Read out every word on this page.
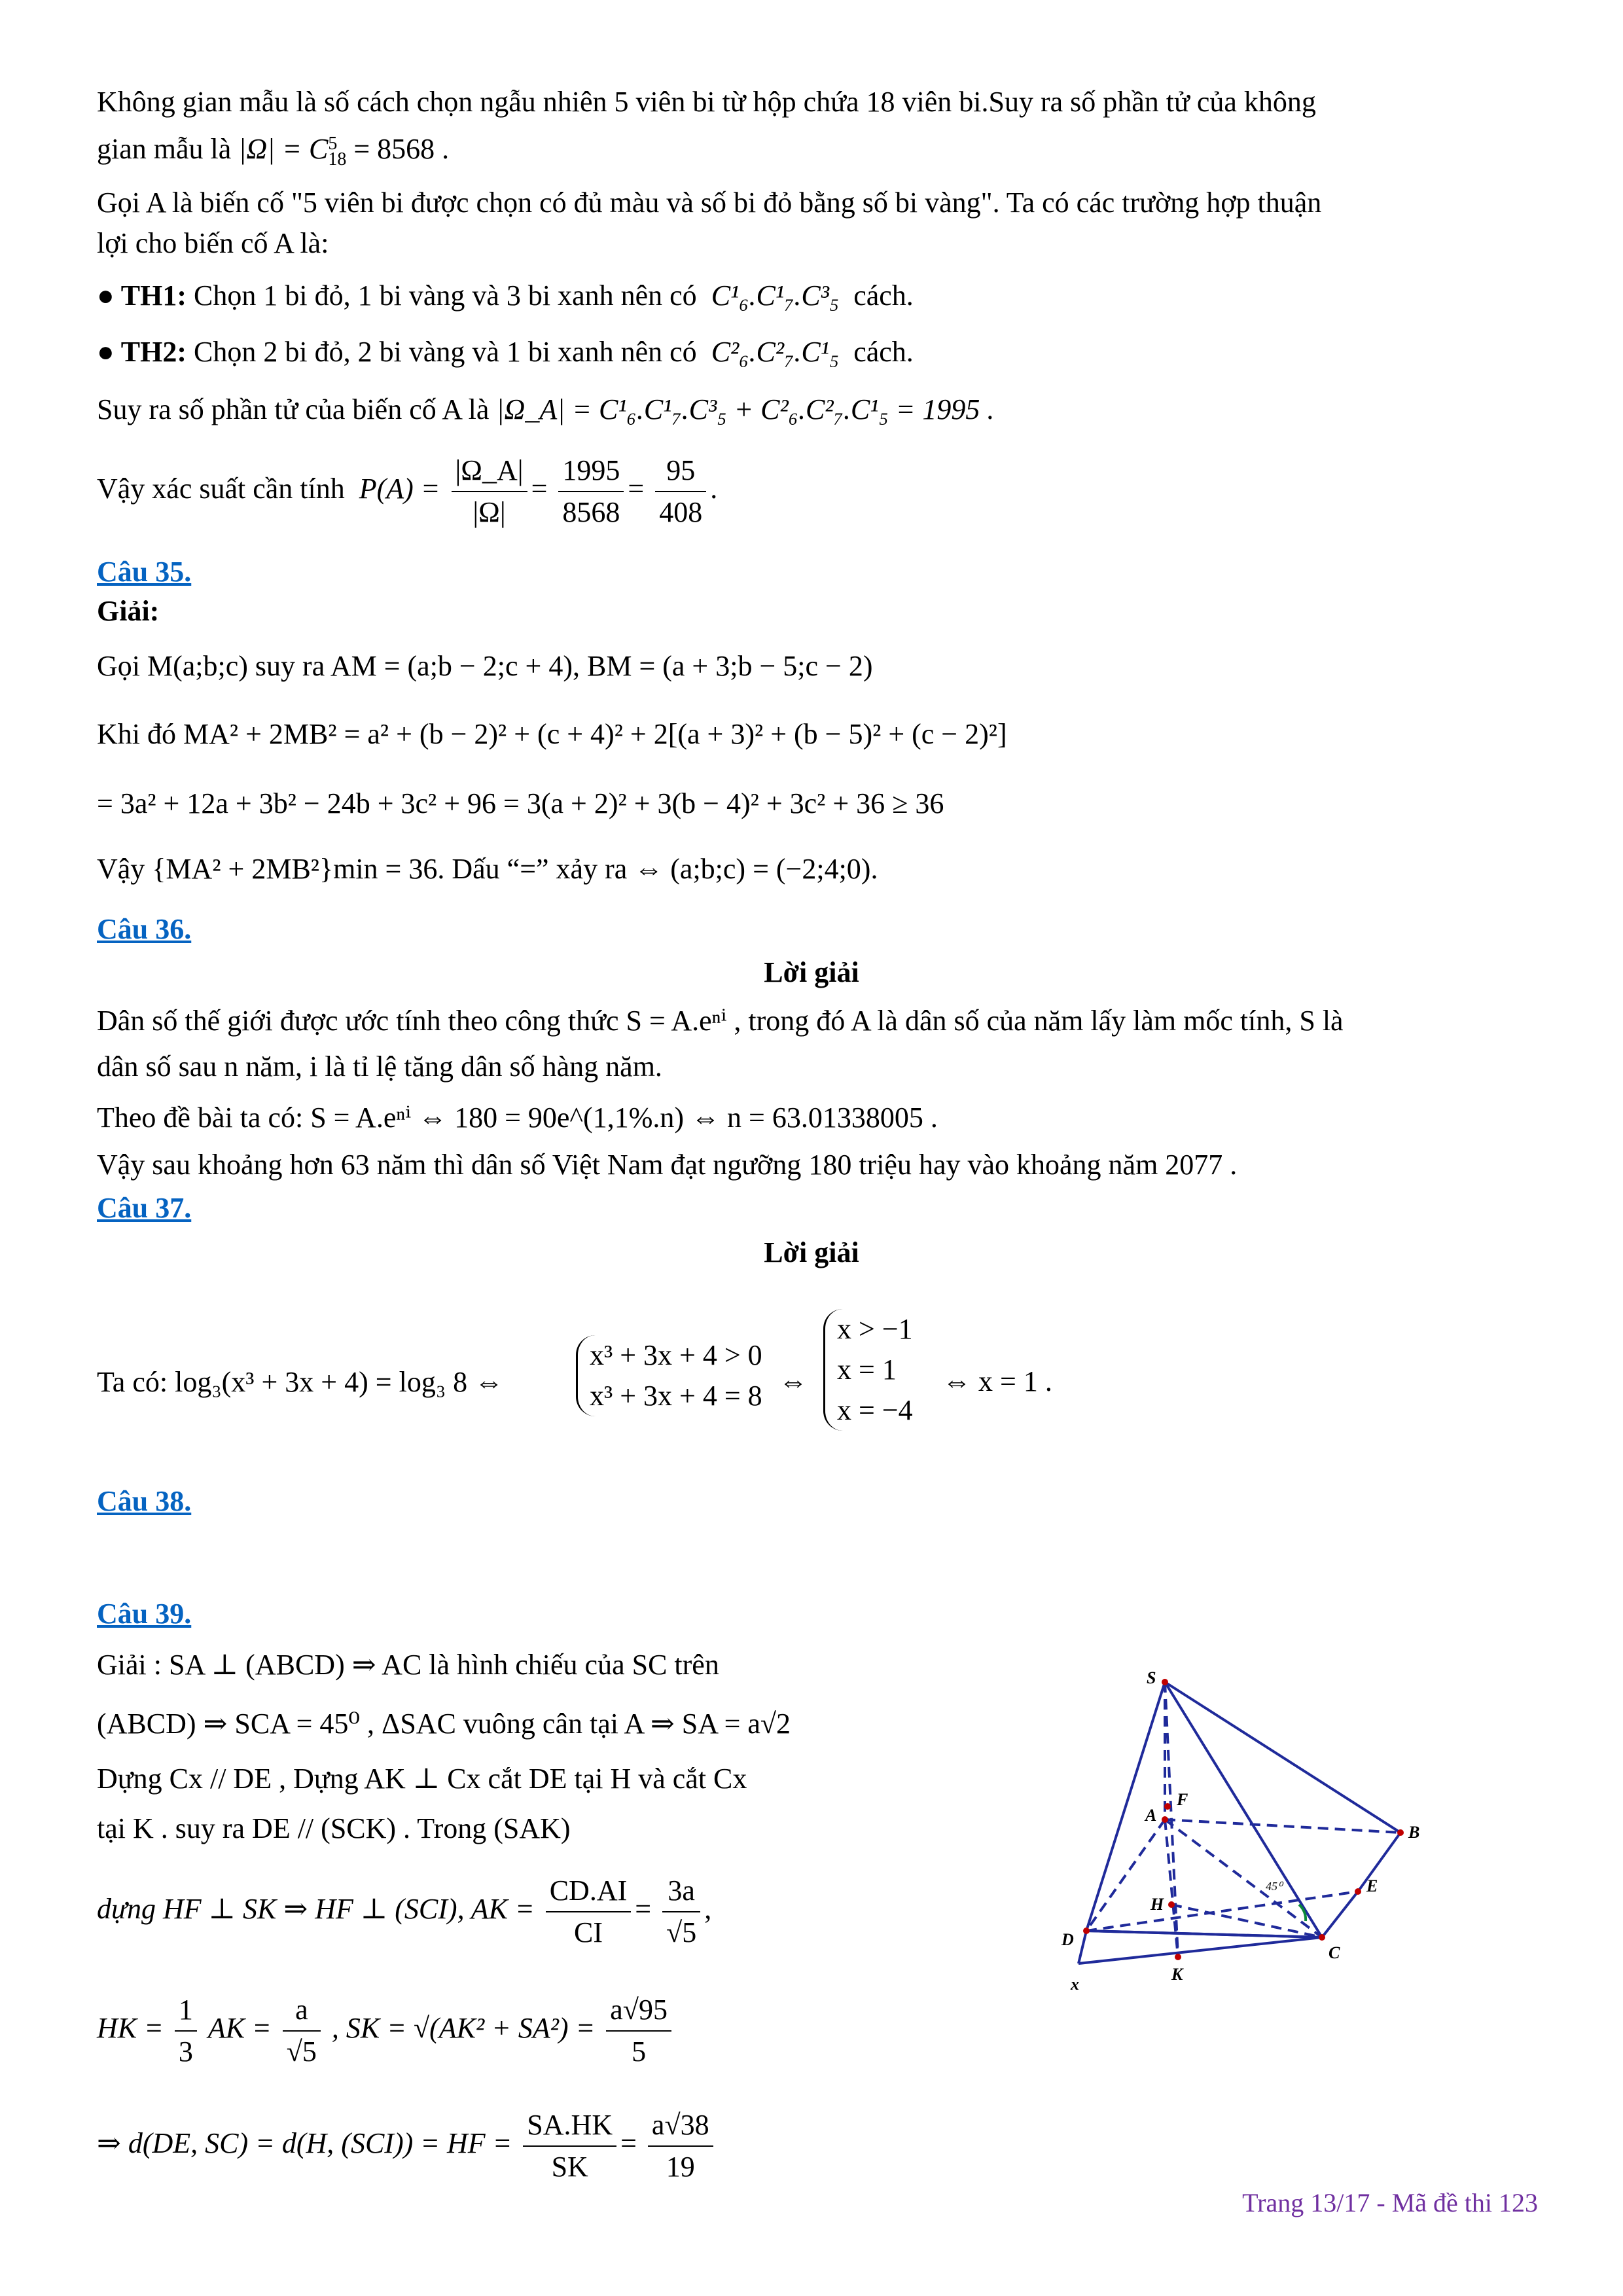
Không gian mẫu là số cách chọn ngẫu nhiên 5 viên bi từ hộp chứa 18 viên bi.Suy ra số phần tử của không
gian mẫu là |Ω| = C 5
18 = 8568 .
Gọi A là biến cố "5 viên bi được chọn có đủ màu và số bi đỏ bằng số bi vàng". Ta có các trường hợp thuận
lợi cho biến cố A là:
● TH1: Chọn 1 bi đỏ, 1 bi vàng và 3 bi xanh nên có C¹₆.C¹₇.C³₅ cách.
● TH2: Chọn 2 bi đỏ, 2 bi vàng và 1 bi xanh nên có C²₆.C²₇.C¹₅ cách.
Suy ra số phần tử của biến cố A là |Ω_A| = C¹₆.C¹₇.C³₅ + C²₆.C²₇.C¹₅ = 1995 .
Vậy xác suất cần tính $P(A) = \frac{|\Omega\_A|}{|\Omega|} = \frac{1995}{8568} = \frac{95}{408}$ .
Câu 35.
Giải:
Gọi M(a;b;c) suy ra AM = (a;b − 2;c + 4), BM = (a + 3;b − 5;c − 2)
Khi đó MA² + 2MB² = a² + (b − 2)² + (c + 4)² + 2[(a + 3)² + (b − 5)² + (c − 2)²]
= 3a² + 12a + 3b² − 24b + 3c² + 96 = 3(a + 2)² + 3(b − 4)² + 3c² + 36 ≥ 36
Vậy {MA² + 2MB²}min = 36. Dấu “=” xảy ra ⇔ (a;b;c) = (−2;4;0).
Câu 36.
Lời giải
Dân số thế giới được ước tính theo công thức S = A.eⁿⁱ , trong đó A là dân số của năm lấy làm mốc tính, S là
dân số sau n năm, i là tỉ lệ tăng dân số hàng năm.
Theo đề bài ta có: S = A.eⁿⁱ ⇔ 180 = 90e^(1,1%.n) ⇔ n = 63.01338005 .
Vậy sau khoảng hơn 63 năm thì dân số Việt Nam đạt ngưỡng 180 triệu hay vào khoảng năm 2077 .
Câu 37.
Lời giải
Ta có: log₃(x³ + 3x + 4) = log₃ 8 ⇔
x³ + 3x + 4 > 0
x³ + 3x + 4 = 8 ⇔
x > −1
x = 1
x = −4
⇔ x = 1 .
Câu 38.
Câu 39.
Giải : SA ⊥ (ABCD) ⇒ AC là hình chiếu của SC trên
(ABCD) ⇒ SCA = 45⁰ , ΔSAC vuông cân tại A ⇒ SA = a√2
Dựng Cx // DE , Dựng AK ⊥ Cx cắt DE tại H và cắt Cx
tại K . suy ra DE // (SCK) . Trong (SAK)
dựng HF ⊥ SK ⇒ HF ⊥ (SCI), AK = $\frac{CD.AI}{CI} = \frac{3a}{√5}$ ,
HK = $\frac{1}{3}$ AK = $\frac{a}{√5}$ , SK = $√(AK^2 + SA^2) = \frac{a√95}{5}$
⇒ d(DE, SC) = d(H, (SCI)) = HF = $\frac{SA.HK}{SK} = \frac{a√38}{19}$
S
A
B
C
D
E
F
H
K
x
45⁰
Trang 13/17 - Mã đề thi 123
